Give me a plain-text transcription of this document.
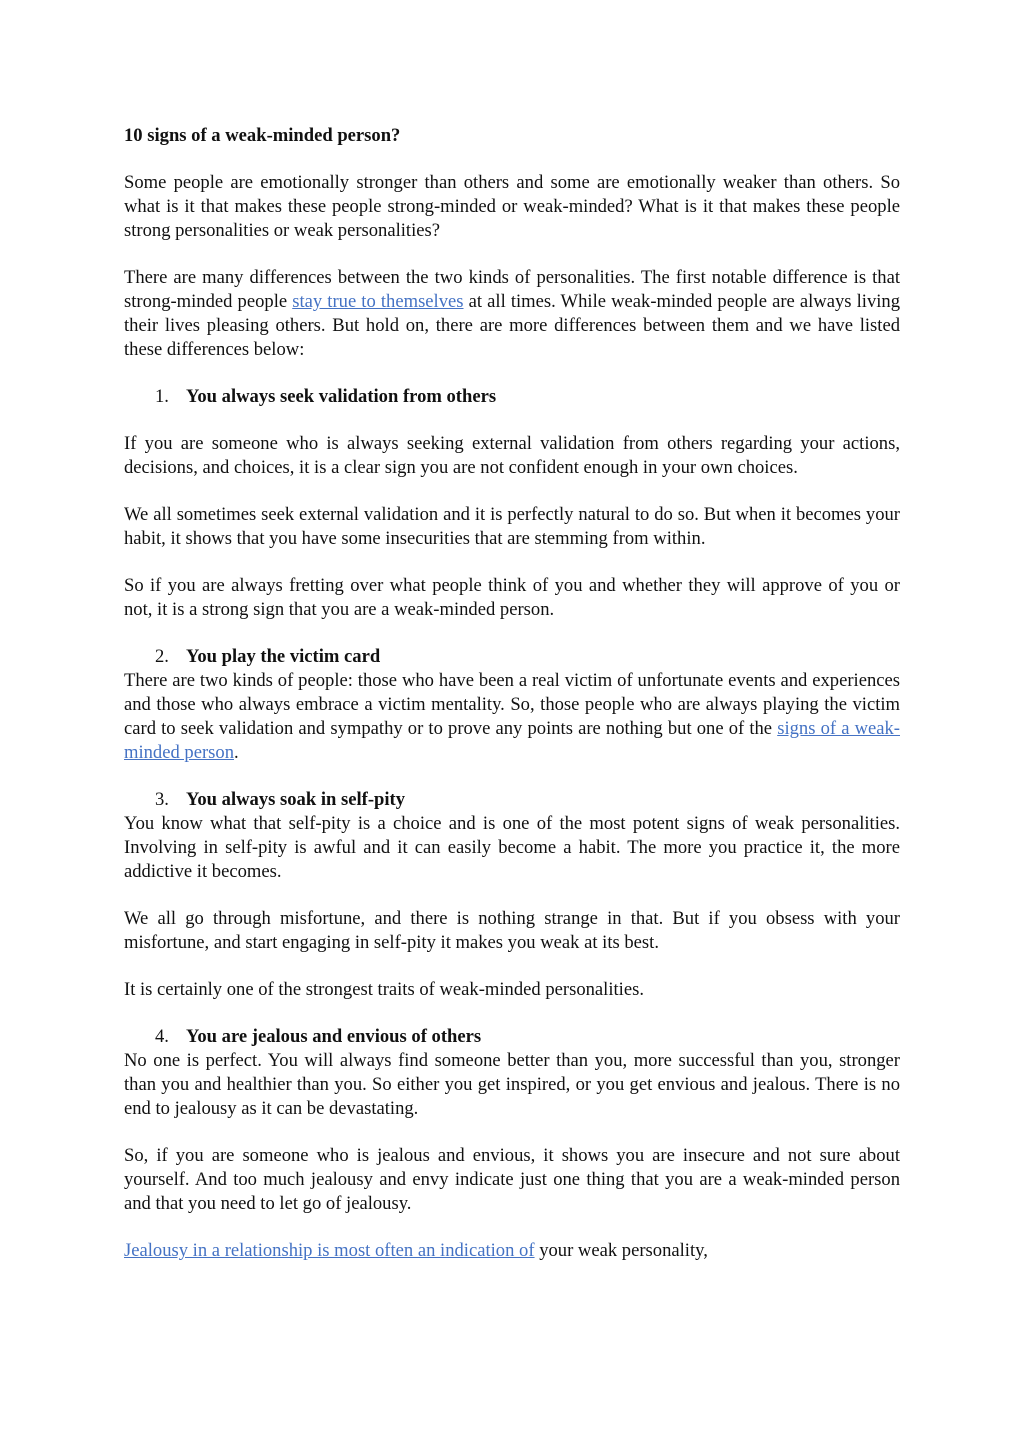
10 signs of a weak-minded person?

Some people are emotionally stronger than others and some are emotionally weaker than others. So what is it that makes these people strong-minded or weak-minded? What is it that makes these people strong personalities or weak personalities?

There are many differences between the two kinds of personalities. The first notable difference is that strong-minded people stay true to themselves at all times. While weak-minded people are always living their lives pleasing others. But hold on, there are more differences between them and we have listed these differences below:

1. You always seek validation from others

If you are someone who is always seeking external validation from others regarding your actions, decisions, and choices, it is a clear sign you are not confident enough in your own choices.

We all sometimes seek external validation and it is perfectly natural to do so. But when it becomes your habit, it shows that you have some insecurities that are stemming from within.

So if you are always fretting over what people think of you and whether they will approve of you or not, it is a strong sign that you are a weak-minded person.

2. You play the victim card

There are two kinds of people: those who have been a real victim of unfortunate events and experiences and those who always embrace a victim mentality. So, those people who are always playing the victim card to seek validation and sympathy or to prove any points are nothing but one of the signs of a weak-minded person.

3. You always soak in self-pity

You know what that self-pity is a choice and is one of the most potent signs of weak personalities. Involving in self-pity is awful and it can easily become a habit. The more you practice it, the more addictive it becomes.

We all go through misfortune, and there is nothing strange in that. But if you obsess with your misfortune, and start engaging in self-pity it makes you weak at its best.

It is certainly one of the strongest traits of weak-minded personalities.

4. You are jealous and envious of others

No one is perfect. You will always find someone better than you, more successful than you, stronger than you and healthier than you. So either you get inspired, or you get envious and jealous. There is no end to jealousy as it can be devastating.

So, if you are someone who is jealous and envious, it shows you are insecure and not sure about yourself. And too much jealousy and envy indicate just one thing that you are a weak-minded person and that you need to let go of jealousy.

Jealousy in a relationship is most often an indication of your weak personality,
